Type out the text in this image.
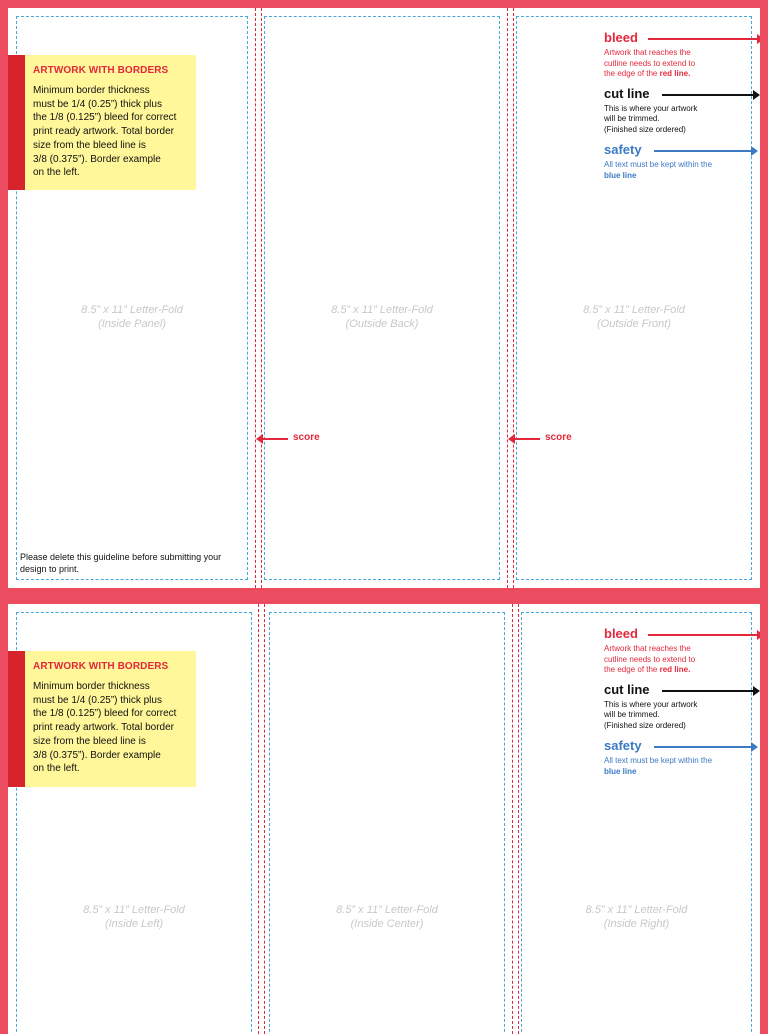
ARTWORK WITH BORDERS
Minimum border thickness
must be 1/4 (0.25”) thick plus
the 1/8 (0.125”) bleed for correct
print ready artwork. Total border
size from the bleed line is
3/8 (0.375”). Border example
on the left.
8.5” x 11” Letter-Fold
(Inside Panel)
8.5” x 11” Letter-Fold
(Outside Back)
8.5” x 11” Letter-Fold
(Outside Front)
score	score
Please delete this guideline before submitting your
design to print.
bleed
Artwork that reaches the
cutline needs to extend to
the edge of the red line.
cut line
This is where your artwork
will be trimmed.
(Finished size ordered)
safety
All text must be kept within the
blue line
ARTWORK WITH BORDERS
Minimum border thickness
must be 1/4 (0.25”) thick plus
the 1/8 (0.125”) bleed for correct
print ready artwork. Total border
size from the bleed line is
3/8 (0.375”). Border example
on the left.
8.5” x 11” Letter-Fold
(Inside Left)
8.5” x 11” Letter-Fold
(Inside Center)
8.5” x 11” Letter-Fold
(Inside Right)
bleed
Artwork that reaches the
cutline needs to extend to
the edge of the red line.
cut line
This is where your artwork
will be trimmed.
(Finished size ordered)
safety
All text must be kept within the
blue line
